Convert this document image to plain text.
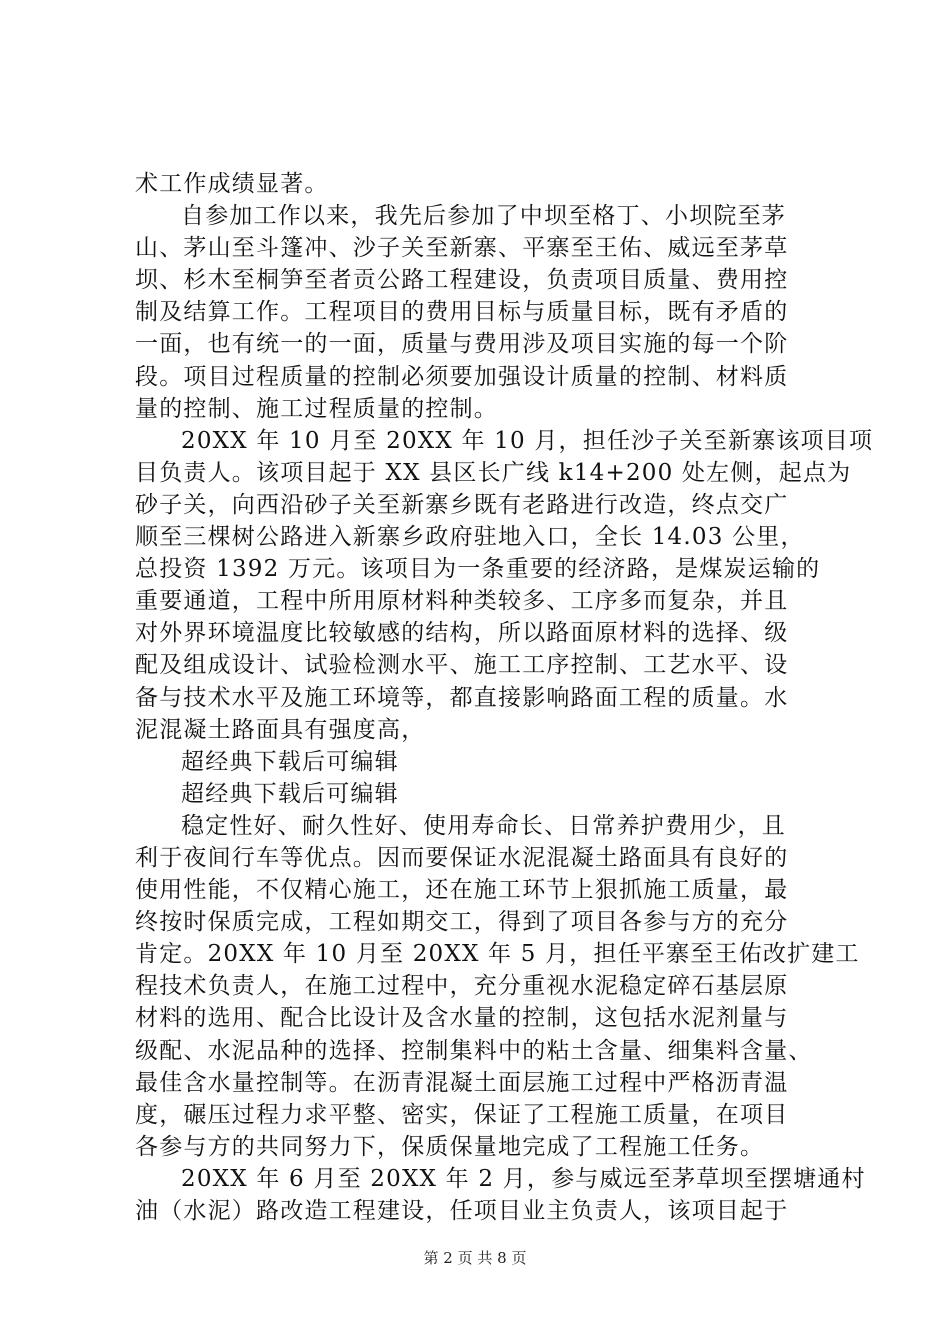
术工作成绩显著。
自参加工作以来，我先后参加了中坝至格丁、小坝院至茅
山、茅山至斗篷冲、沙子关至新寨、平寨至王佑、威远至茅草
坝、杉木至桐笋至者贡公路工程建设，负责项目质量、费用控
制及结算工作。工程项目的费用目标与质量目标，既有矛盾的
一面，也有统一的一面，质量与费用涉及项目实施的每一个阶
段。项目过程质量的控制必须要加强设计质量的控制、材料质
量的控制、施工过程质量的控制。
20XX 年 10 月至 20XX 年 10 月，担任沙子关至新寨该项目项
目负责人。该项目起于 XX 县区长广线 k14+200 处左侧，起点为
砂子关，向西沿砂子关至新寨乡既有老路进行改造，终点交广
顺至三棵树公路进入新寨乡政府驻地入口，全长 14.03 公里，
总投资 1392 万元。该项目为一条重要的经济路，是煤炭运输的
重要通道，工程中所用原材料种类较多、工序多而复杂，并且
对外界环境温度比较敏感的结构，所以路面原材料的选择、级
配及组成设计、试验检测水平、施工工序控制、工艺水平、设
备与技术水平及施工环境等，都直接影响路面工程的质量。水
泥混凝土路面具有强度高，
超经典下载后可编辑
超经典下载后可编辑
稳定性好、耐久性好、使用寿命长、日常养护费用少，且
利于夜间行车等优点。因而要保证水泥混凝土路面具有良好的
使用性能，不仅精心施工，还在施工环节上狠抓施工质量，最
终按时保质完成，工程如期交工，得到了项目各参与方的充分
肯定。20XX 年 10 月至 20XX 年 5 月，担任平寨至王佑改扩建工
程技术负责人，在施工过程中，充分重视水泥稳定碎石基层原
材料的选用、配合比设计及含水量的控制，这包括水泥剂量与
级配、水泥品种的选择、控制集料中的粘土含量、细集料含量、
最佳含水量控制等。在沥青混凝土面层施工过程中严格沥青温
度，碾压过程力求平整、密实，保证了工程施工质量，在项目
各参与方的共同努力下，保质保量地完成了工程施工任务。
20XX 年 6 月至 20XX 年 2 月，参与威远至茅草坝至摆塘通村
油（水泥）路改造工程建设，任项目业主负责人，该项目起于
第 2 页 共 8 页
